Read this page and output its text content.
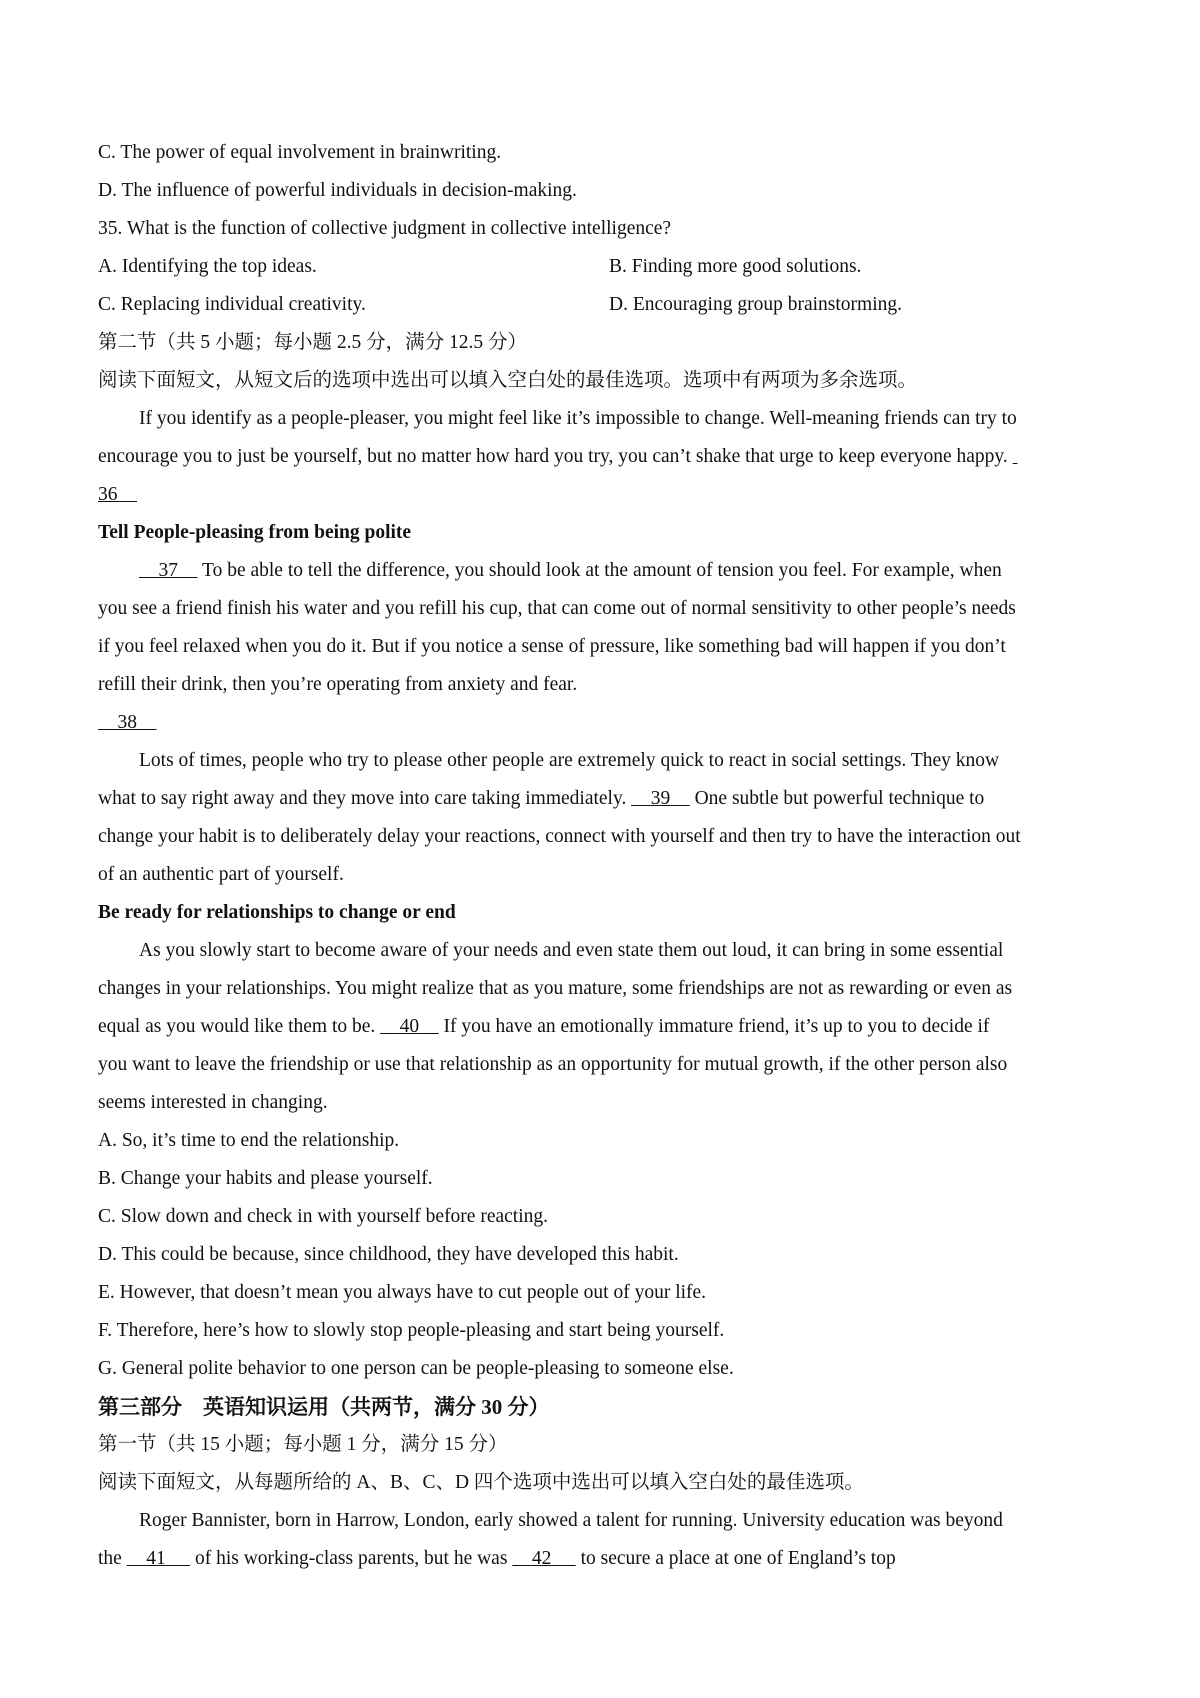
C. The power of equal involvement in brainwriting.
D. The influence of powerful individuals in decision-making.
35. What is the function of collective judgment in collective intelligence?
A. Identifying the top ideas.	B. Finding more good solutions.
C. Replacing individual creativity.	D. Encouraging group brainstorming.
第二节（共 5 小题；每小题 2.5 分，满分 12.5 分）
阅读下面短文，从短文后的选项中选出可以填入空白处的最佳选项。选项中有两项为多余选项。
If you identify as a people-pleaser, you might feel like it’s impossible to change. Well-meaning friends can try to
encourage you to just be yourself, but no matter how hard you try, you can’t shake that urge to keep everyone happy.
36
Tell People-pleasing from being polite
37     To be able to tell the difference, you should look at the amount of tension you feel. For example, when
you see a friend finish his water and you refill his cup, that can come out of normal sensitivity to other people’s needs
if you feel relaxed when you do it. But if you notice a sense of pressure, like something bad will happen if you don’t
refill their drink, then you’re operating from anxiety and fear.
38
Lots of times, people who try to please other people are extremely quick to react in social settings. They know
what to say right away and they move into care taking immediately.     39     One subtle but powerful technique to
change your habit is to deliberately delay your reactions, connect with yourself and then try to have the interaction out
of an authentic part of yourself.
Be ready for relationships to change or end
As you slowly start to become aware of your needs and even state them out loud, it can bring in some essential
changes in your relationships. You might realize that as you mature, some friendships are not as rewarding or even as
equal as you would like them to be.     40     If you have an emotionally immature friend, it’s up to you to decide if
you want to leave the friendship or use that relationship as an opportunity for mutual growth, if the other person also
seems interested in changing.
A. So, it’s time to end the relationship.
B. Change your habits and please yourself.
C. Slow down and check in with yourself before reacting.
D. This could be because, since childhood, they have developed this habit.
E. However, that doesn’t mean you always have to cut people out of your life.
F. Therefore, here’s how to slowly stop people-pleasing and start being yourself.
G. General polite behavior to one person can be people-pleasing to someone else.
第三部分　英语知识运用（共两节，满分 30 分）
第一节（共 15 小题；每小题 1 分，满分 15 分）
阅读下面短文，从每题所给的 A、B、C、D 四个选项中选出可以填入空白处的最佳选项。
Roger Bannister, born in Harrow, London, early showed a talent for running. University education was beyond
the     41      of his working-class parents, but he was     42      to secure a place at one of England’s top
